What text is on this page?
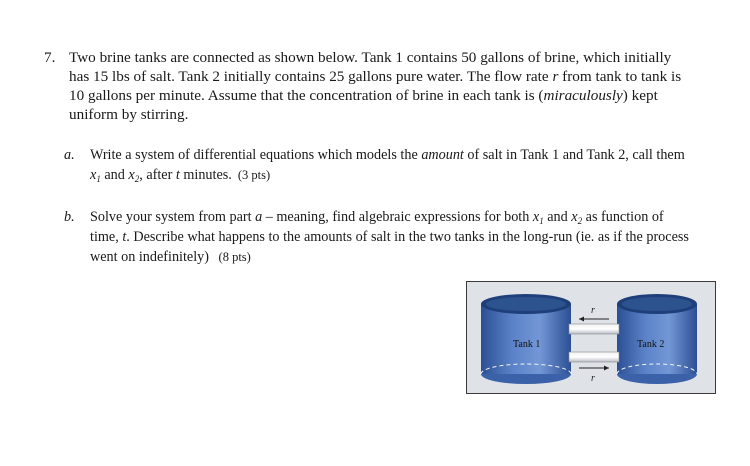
7. Two brine tanks are connected as shown below. Tank 1 contains 50 gallons of brine, which initially has 15 lbs of salt. Tank 2 initially contains 25 gallons pure water. The flow rate r from tank to tank is 10 gallons per minute. Assume that the concentration of brine in each tank is (miraculously) kept uniform by stirring.
a. Write a system of differential equations which models the amount of salt in Tank 1 and Tank 2, call them $x_1$ and $x_2$, after t minutes. (3 pts)
b. Solve your system from part a – meaning, find algebraic expressions for both $x_1$ and $x_2$ as function of time, t. Describe what happens to the amounts of salt in the two tanks in the long-run (ie. as if the process went on indefinitely) (8 pts)
r
r
Tank 1	Tank 2
